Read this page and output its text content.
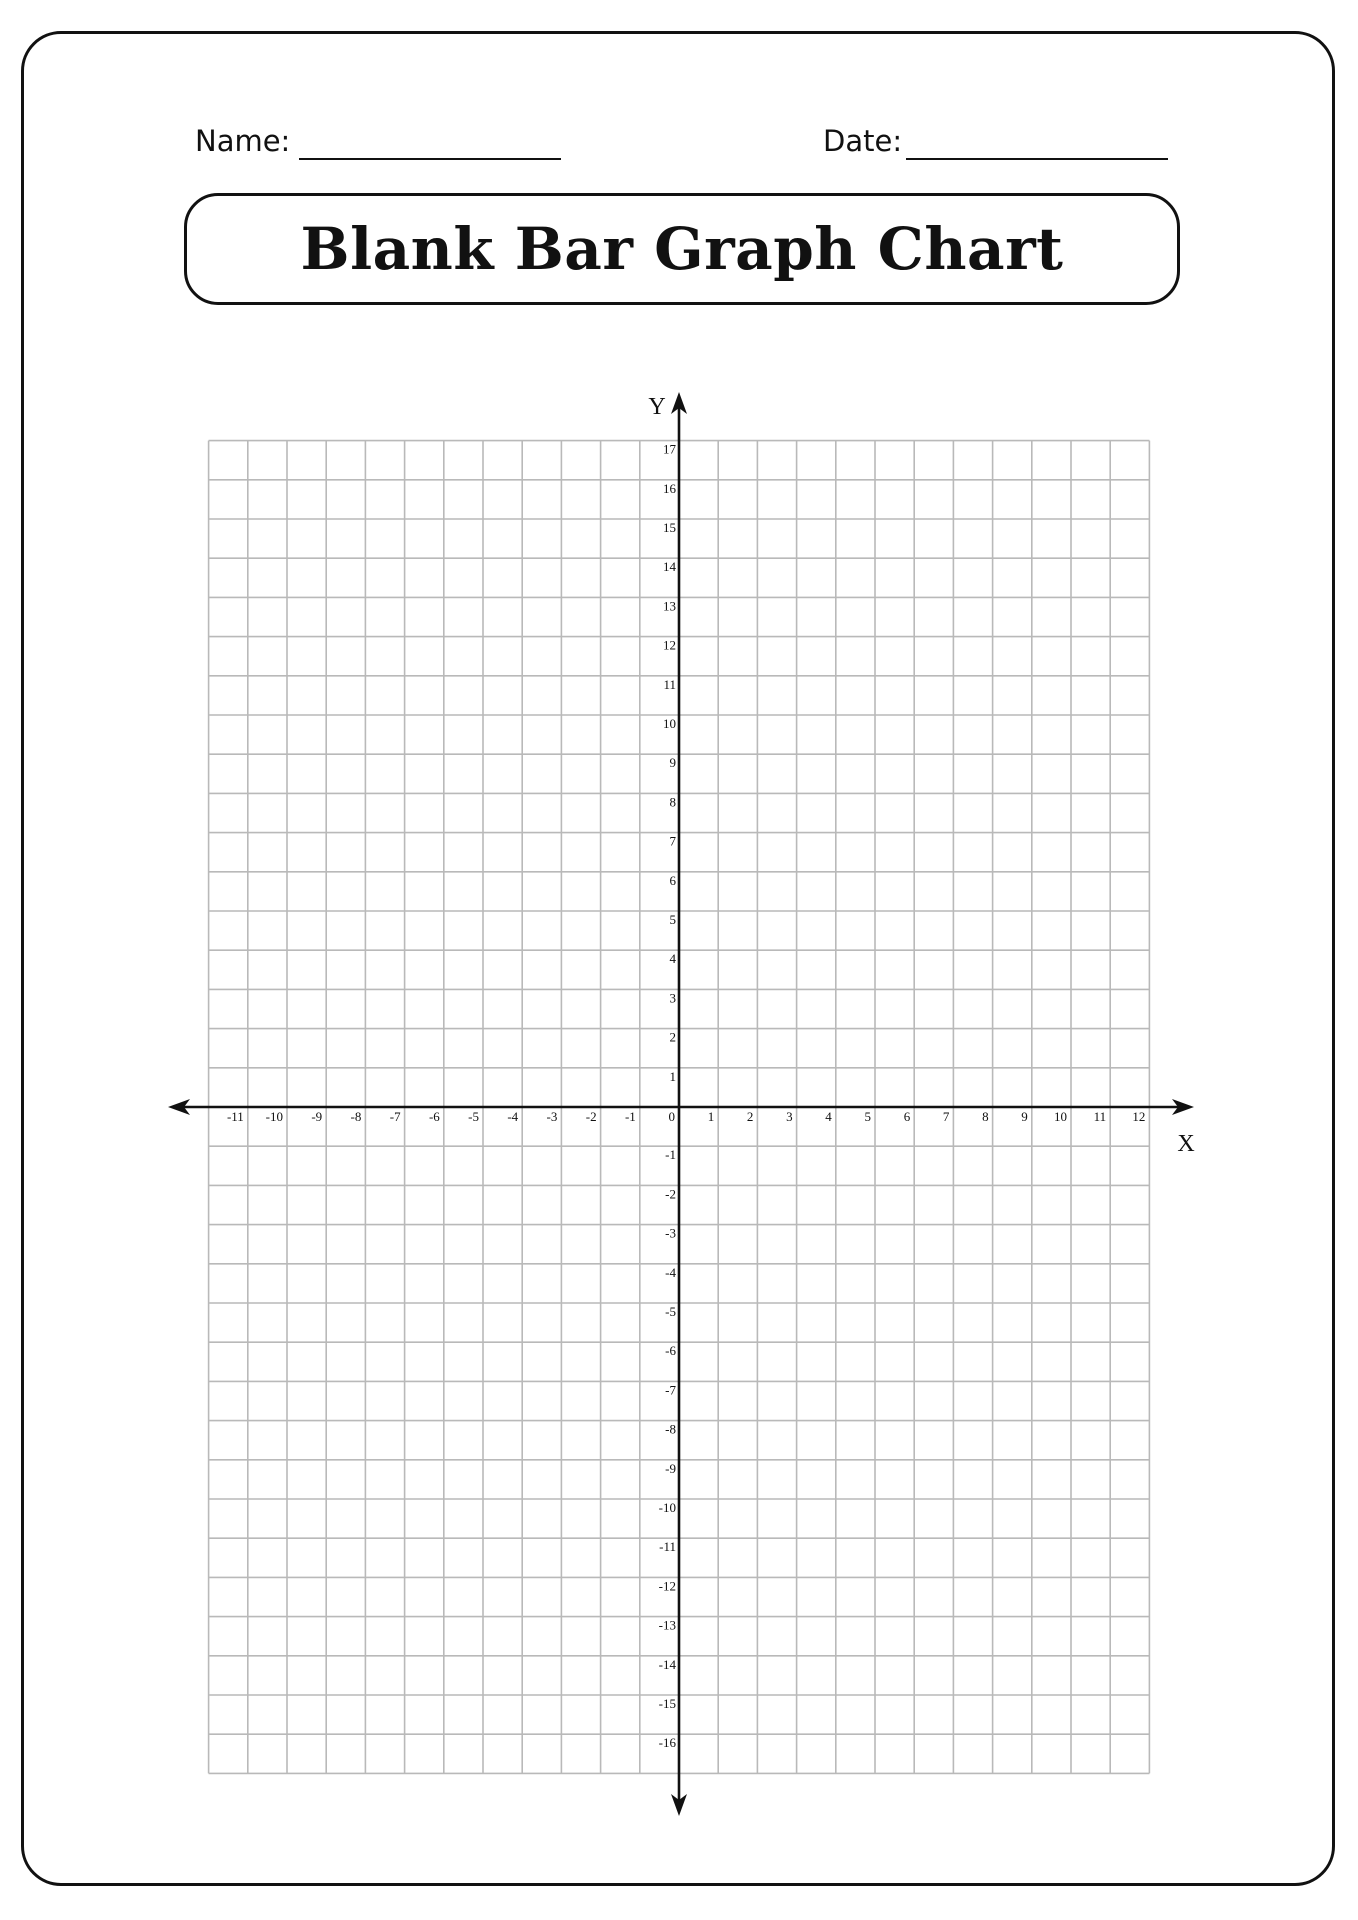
Name:	Date:
Blank Bar Graph Chart
-11 -10 -9 -8 -7 -6 -5 -4 -3 -2 -1	0	1	2	3	4	5	6	7	8	9 10 11 12
17
16
15
14
13
12
11
10
9
8
7
6
5
4
3
2
1
-1
-2
-3
-4
-5
-6
-7
-8
-9
-10
-11
-12
-13
-14
-15
-16
X
Y
